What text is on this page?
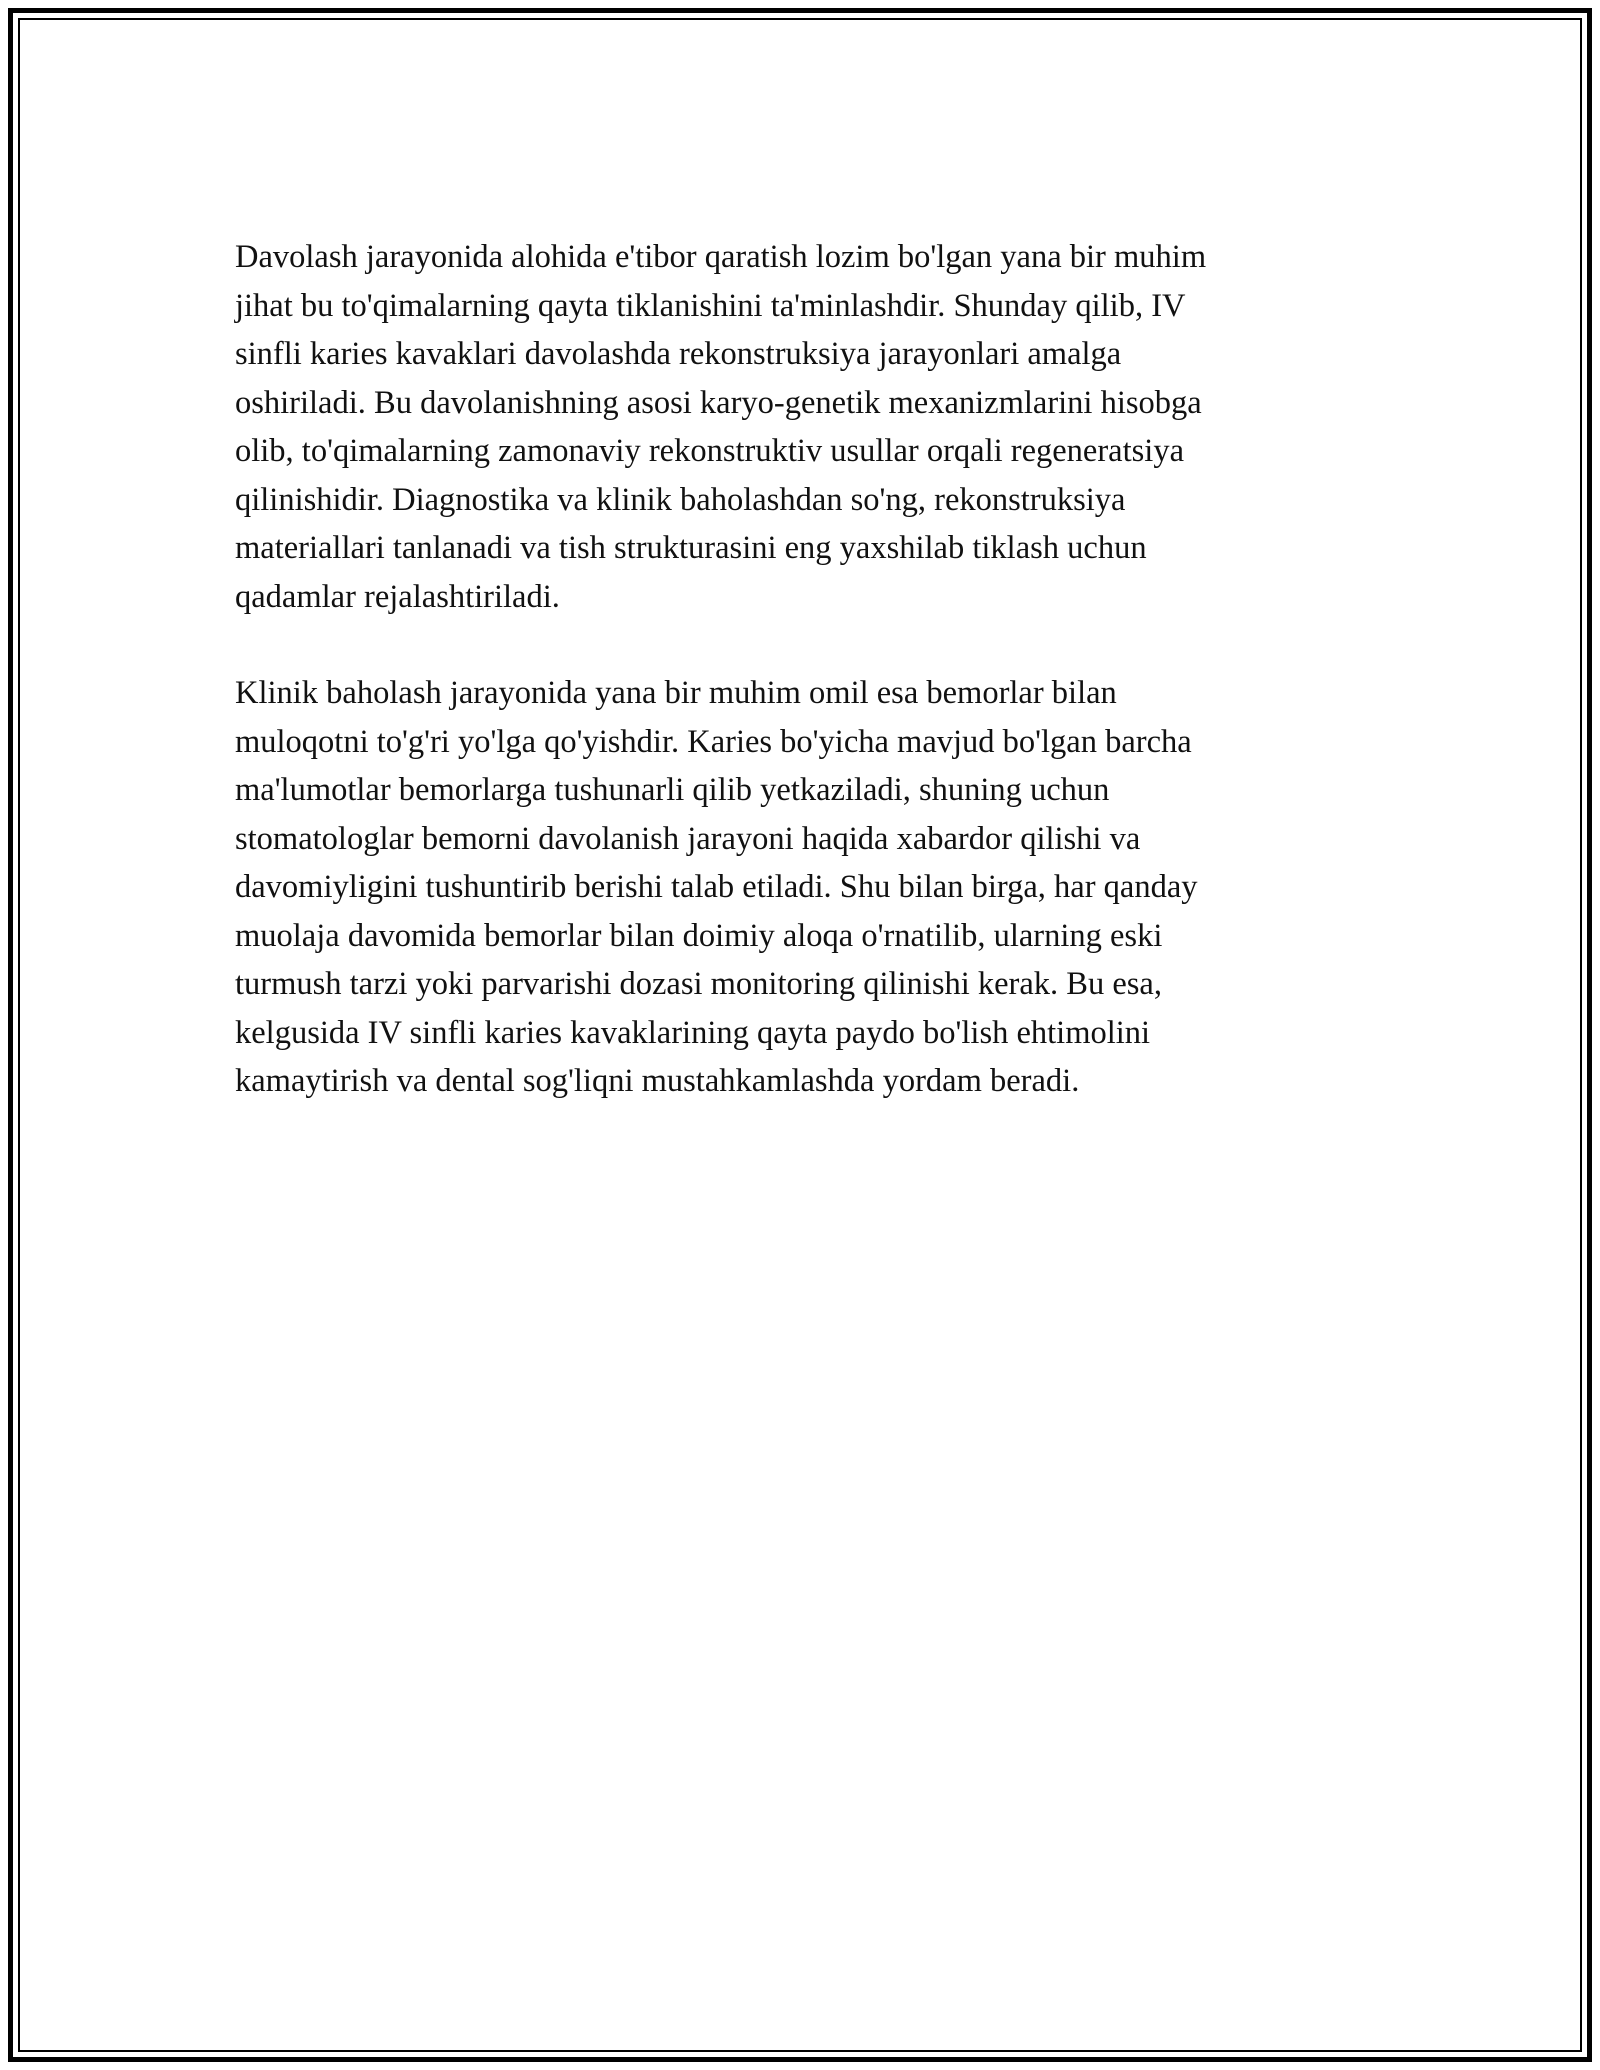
Davolash jarayonida alohida e'tibor qaratish lozim bo'lgan yana bir muhim
jihat bu to'qimalarning qayta tiklanishini ta'minlashdir. Shunday qilib, IV
sinfli karies kavaklari davolashda rekonstruksiya jarayonlari amalga
oshiriladi. Bu davolanishning asosi karyo-genetik mexanizmlarini hisobga
olib, to'qimalarning zamonaviy rekonstruktiv usullar orqali regeneratsiya
qilinishidir. Diagnostika va klinik baholashdan so'ng, rekonstruksiya
materiallari tanlanadi va tish strukturasini eng yaxshilab tiklash uchun
qadamlar rejalashtiriladi.

Klinik baholash jarayonida yana bir muhim omil esa bemorlar bilan
muloqotni to'g'ri yo'lga qo'yishdir. Karies bo'yicha mavjud bo'lgan barcha
ma'lumotlar bemorlarga tushunarli qilib yetkaziladi, shuning uchun
stomatologlar bemorni davolanish jarayoni haqida xabardor qilishi va
davomiyligini tushuntirib berishi talab etiladi. Shu bilan birga, har qanday
muolaja davomida bemorlar bilan doimiy aloqa o'rnatilib, ularning eski
turmush tarzi yoki parvarishi dozasi monitoring qilinishi kerak. Bu esa,
kelgusida IV sinfli karies kavaklarining qayta paydo bo'lish ehtimolini
kamaytirish va dental sog'liqni mustahkamlashda yordam beradi.
